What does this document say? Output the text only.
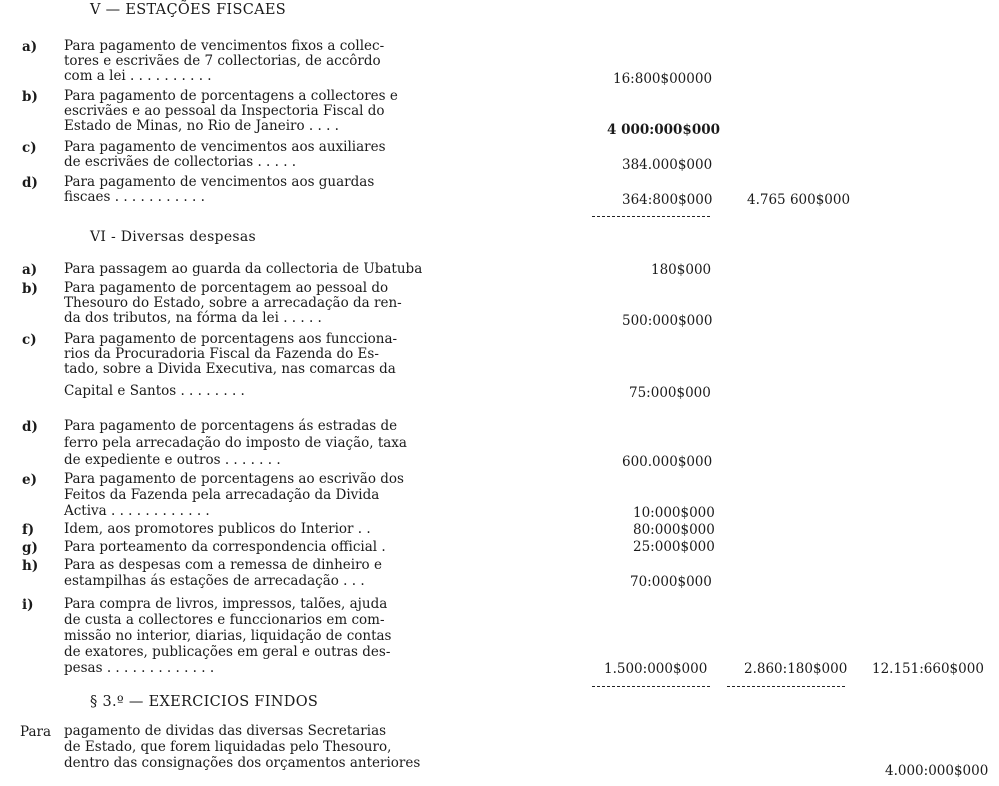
V — ESTAÇÕES FISCAES
a) Para pagamento de vencimentos fixos a collec-
tores e escrivães de 7 collectorias, de accôrdo
com a lei . . . . . . . . . .	16:800$00000
b) Para pagamento de porcentagens a collectores e
escrivães e ao pessoal da Inspectoria Fiscal do
Estado de Minas, no Rio de Janeiro . . . .	4 000:000$000
c) Para pagamento de vencimentos aos auxiliares
de escrivães de collectorias . . . . .	384.000$000
d) Para pagamento de vencimentos aos guardas
fiscaes . . . . . . . . . . .	364:800$000	4.765 600$000
VI - Diversas despesas
a) Para passagem ao guarda da collectoria de Ubatuba	180$000
b) Para pagamento de porcentagem ao pessoal do
Thesouro do Estado, sobre a arrecadação da ren-
da dos tributos, na fórma da lei . . . . .	500:000$000
c) Para pagamento de porcentagens aos funcciona-
rios da Procuradoria Fiscal da Fazenda do Es-
tado, sobre a Divida Executiva, nas comarcas da
Capital e Santos . . . . . . . .	75:000$000
d) Para pagamento de porcentagens ás estradas de
ferro pela arrecadação do imposto de viação, taxa
de expediente e outros . . . . . . .	600.000$000
e) Para pagamento de porcentagens ao escrivão dos
Feitos da Fazenda pela arrecadação da Divida
Activa . . . . . . . . . . . .	10:000$000
f) Idem, aos promotores publicos do Interior . .	80:000$000
g) Para porteamento da correspondencia official .	25:000$000
h) Para as despesas com a remessa de dinheiro e
estampilhas ás estações de arrecadação . . .	70:000$000
i) Para compra de livros, impressos, talões, ajuda
de custa a collectores e funccionarios em com-
missão no interior, diarias, liquidação de contas
de exatores, publicações em geral e outras des-
pesas . . . . . . . . . . . . .	1.500:000$000	2.860:180$000 12.151:660$000
§ 3.º — EXERCICIOS FINDOS
Para pagamento de dividas das diversas Secretarias
de Estado, que forem liquidadas pelo Thesouro,
dentro das consignações dos orçamentos anteriores	4.000:000$000
